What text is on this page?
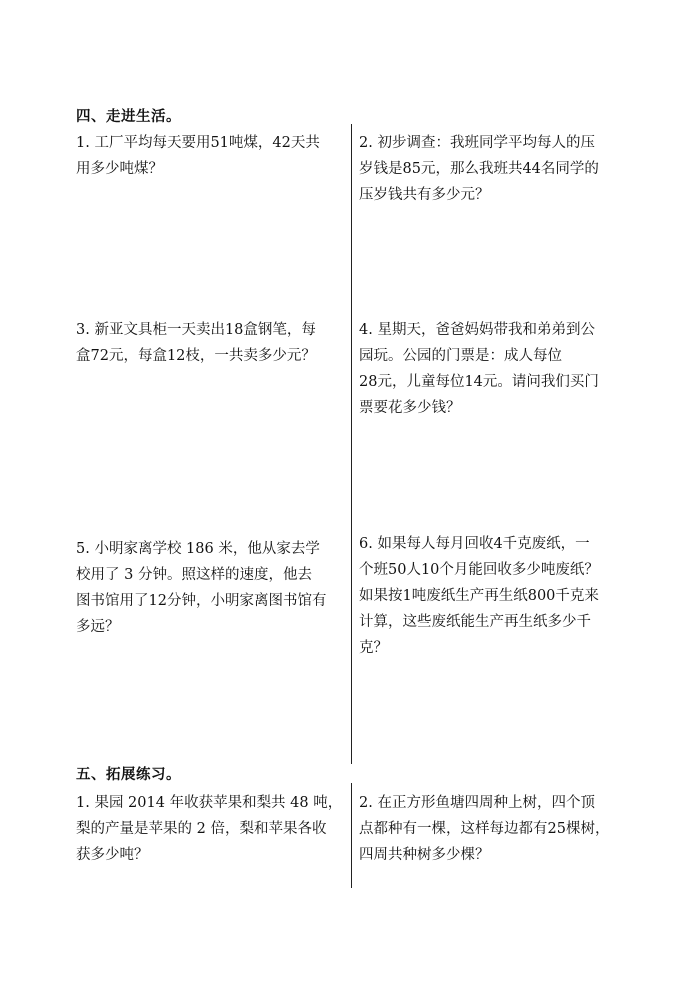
四、走进生活。
1. 工厂平均每天要用51吨煤，42天共
用多少吨煤？
2. 初步调查：我班同学平均每人的压
岁钱是85元，那么我班共44名同学的
压岁钱共有多少元？
3. 新亚文具柜一天卖出18盒钢笔，每
盒72元，每盒12枝，一共卖多少元？
4. 星期天，爸爸妈妈带我和弟弟到公
园玩。公园的门票是：成人每位
28元，儿童每位14元。请问我们买门
票要花多少钱？
5. 小明家离学校 186 米，他从家去学
校用了 3 分钟。照这样的速度，他去
图书馆用了12分钟，小明家离图书馆有
多远？
6. 如果每人每月回收4千克废纸，一
个班50人10个月能回收多少吨废纸？
如果按1吨废纸生产再生纸800千克来
计算，这些废纸能生产再生纸多少千
克？
五、拓展练习。
1. 果园 2014 年收获苹果和梨共 48 吨，
梨的产量是苹果的 2 倍，梨和苹果各收
获多少吨？
2. 在正方形鱼塘四周种上树，四个顶
点都种有一棵，这样每边都有25棵树，
四周共种树多少棵？
